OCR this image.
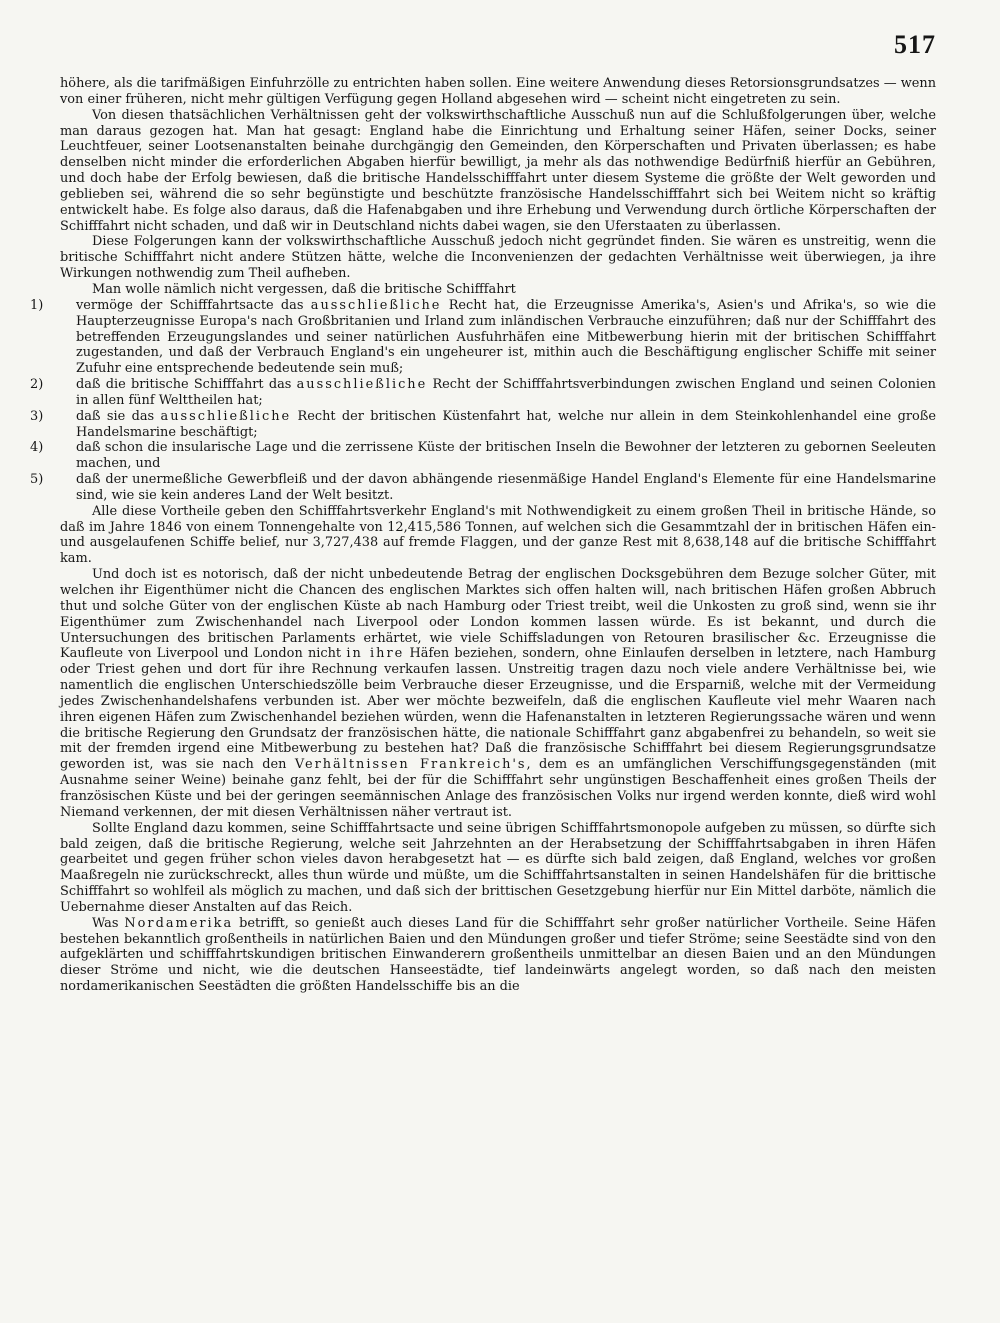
517

höhere, als die tarifmäßigen Einfuhrzölle zu entrichten haben sollen. Eine weitere Anwendung dieses Retorsionsgrundsatzes — wenn von einer früheren, nicht mehr gültigen Verfügung gegen Holland abgesehen wird — scheint nicht eingetreten zu sein.

Von diesen thatsächlichen Verhältnissen geht der volkswirthschaftliche Ausschuß nun auf die Schlußfolgerungen über, welche man daraus gezogen hat. Man hat gesagt: England habe die Einrichtung und Erhaltung seiner Häfen, seiner Docks, seiner Leuchtfeuer, seiner Lootsenanstalten beinahe durchgängig den Gemeinden, den Körperschaften und Privaten überlassen; es habe denselben nicht minder die erforderlichen Abgaben hierfür bewilligt, ja mehr als das nothwendige Bedürfniß hierfür an Gebühren, und doch habe der Erfolg bewiesen, daß die britische Handelsschifffahrt unter diesem Systeme die größte der Welt geworden und geblieben sei, während die so sehr begünstigte und beschützte französische Handelsschifffahrt sich bei Weitem nicht so kräftig entwickelt habe. Es folge also daraus, daß die Hafenabgaben und ihre Erhebung und Verwendung durch örtliche Körperschaften der Schifffahrt nicht schaden, und daß wir in Deutschland nichts dabei wagen, sie den Uferstaaten zu überlassen.

Diese Folgerungen kann der volkswirthschaftliche Ausschuß jedoch nicht gegründet finden. Sie wären es unstreitig, wenn die britische Schifffahrt nicht andere Stützen hätte, welche die Inconvenienzen der gedachten Verhältnisse weit überwiegen, ja ihre Wirkungen nothwendig zum Theil aufheben.

Man wolle nämlich nicht vergessen, daß die britische Schifffahrt

1)	vermöge der Schifffahrtsacte das ausschließliche Recht hat, die Erzeugnisse Amerika's, Asien's und Afrika's, so wie die Haupterzeugnisse Europa's nach Großbritanien und Irland zum inländischen Verbrauche einzuführen; daß nur der Schifffahrt des betreffenden Erzeugungslandes und seiner natürlichen Ausfuhrhäfen eine Mitbewerbung hierin mit der britischen Schifffahrt zugestanden, und daß der Verbrauch England's ein ungeheurer ist, mithin auch die Beschäftigung englischer Schiffe mit seiner Zufuhr eine entsprechende bedeutende sein muß;
2)	daß die britische Schifffahrt das ausschließliche Recht der Schifffahrtsverbindungen zwischen England und seinen Colonien in allen fünf Welttheilen hat;
3)	daß sie das ausschließliche Recht der britischen Küstenfahrt hat, welche nur allein in dem Steinkohlenhandel eine große Handelsmarine beschäftigt;
4)	daß schon die insularische Lage und die zerrissene Küste der britischen Inseln die Bewohner der letzteren zu gebornen Seeleuten machen, und
5)	daß der unermeßliche Gewerbfleiß und der davon abhängende riesenmäßige Handel England's Elemente für eine Handelsmarine sind, wie sie kein anderes Land der Welt besitzt.

Alle diese Vortheile geben den Schifffahrtsverkehr England's mit Nothwendigkeit zu einem großen Theil in britische Hände, so daß im Jahre 1846 von einem Tonnengehalte von 12,415,586 Tonnen, auf welchen sich die Gesammtzahl der in britischen Häfen ein- und ausgelaufenen Schiffe belief, nur 3,727,438 auf fremde Flaggen, und der ganze Rest mit 8,638,148 auf die britische Schifffahrt kam.

Und doch ist es notorisch, daß der nicht unbedeutende Betrag der englischen Docksgebühren dem Bezuge solcher Güter, mit welchen ihr Eigenthümer nicht die Chancen des englischen Marktes sich offen halten will, nach britischen Häfen großen Abbruch thut und solche Güter von der englischen Küste ab nach Hamburg oder Triest treibt, weil die Unkosten zu groß sind, wenn sie ihr Eigenthümer zum Zwischenhandel nach Liverpool oder London kommen lassen würde. Es ist bekannt, und durch die Untersuchungen des britischen Parlaments erhärtet, wie viele Schiffsladungen von Retouren brasilischer &c. Erzeugnisse die Kaufleute von Liverpool und London nicht in ihre Häfen beziehen, sondern, ohne Einlaufen derselben in letztere, nach Hamburg oder Triest gehen und dort für ihre Rechnung verkaufen lassen. Unstreitig tragen dazu noch viele andere Verhältnisse bei, wie namentlich die englischen Unterschiedszölle beim Verbrauche dieser Erzeugnisse, und die Ersparniß, welche mit der Vermeidung jedes Zwischenhandelshafens verbunden ist. Aber wer möchte bezweifeln, daß die englischen Kaufleute viel mehr Waaren nach ihren eigenen Häfen zum Zwischenhandel beziehen würden, wenn die Hafenanstalten in letzteren Regierungssache wären und wenn die britische Regierung den Grundsatz der französischen hätte, die nationale Schifffahrt ganz abgabenfrei zu behandeln, so weit sie mit der fremden irgend eine Mitbewerbung zu bestehen hat? Daß die französische Schifffahrt bei diesem Regierungsgrundsatze geworden ist, was sie nach den Verhältnissen Frankreich's, dem es an umfänglichen Verschiffungsgegenständen (mit Ausnahme seiner Weine) beinahe ganz fehlt, bei der für die Schifffahrt sehr ungünstigen Beschaffenheit eines großen Theils der französischen Küste und bei der geringen seemännischen Anlage des französischen Volks nur irgend werden konnte, dieß wird wohl Niemand verkennen, der mit diesen Verhältnissen näher vertraut ist.

Sollte England dazu kommen, seine Schifffahrtsacte und seine übrigen Schifffahrtsmonopole aufgeben zu müssen, so dürfte sich bald zeigen, daß die britische Regierung, welche seit Jahrzehnten an der Herabsetzung der Schifffahrtsabgaben in ihren Häfen gearbeitet und gegen früher schon vieles davon herabgesetzt hat — es dürfte sich bald zeigen, daß England, welches vor großen Maaßregeln nie zurückschreckt, alles thun würde und müßte, um die Schifffahrtsanstalten in seinen Handelshäfen für die brittische Schifffahrt so wohlfeil als möglich zu machen, und daß sich der brittischen Gesetzgebung hierfür nur Ein Mittel darböte, nämlich die Uebernahme dieser Anstalten auf das Reich.

Was Nordamerika betrifft, so genießt auch dieses Land für die Schifffahrt sehr großer natürlicher Vortheile. Seine Häfen bestehen bekanntlich großentheils in natürlichen Baien und den Mündungen großer und tiefer Ströme; seine Seestädte sind von den aufgeklärten und schifffahrtskundigen britischen Einwanderern großentheils unmittelbar an diesen Baien und an den Mündungen dieser Ströme und nicht, wie die deutschen Hanseestädte, tief landeinwärts angelegt worden, so daß nach den meisten nordamerikanischen Seestädten die größten Handelsschiffe bis an die
